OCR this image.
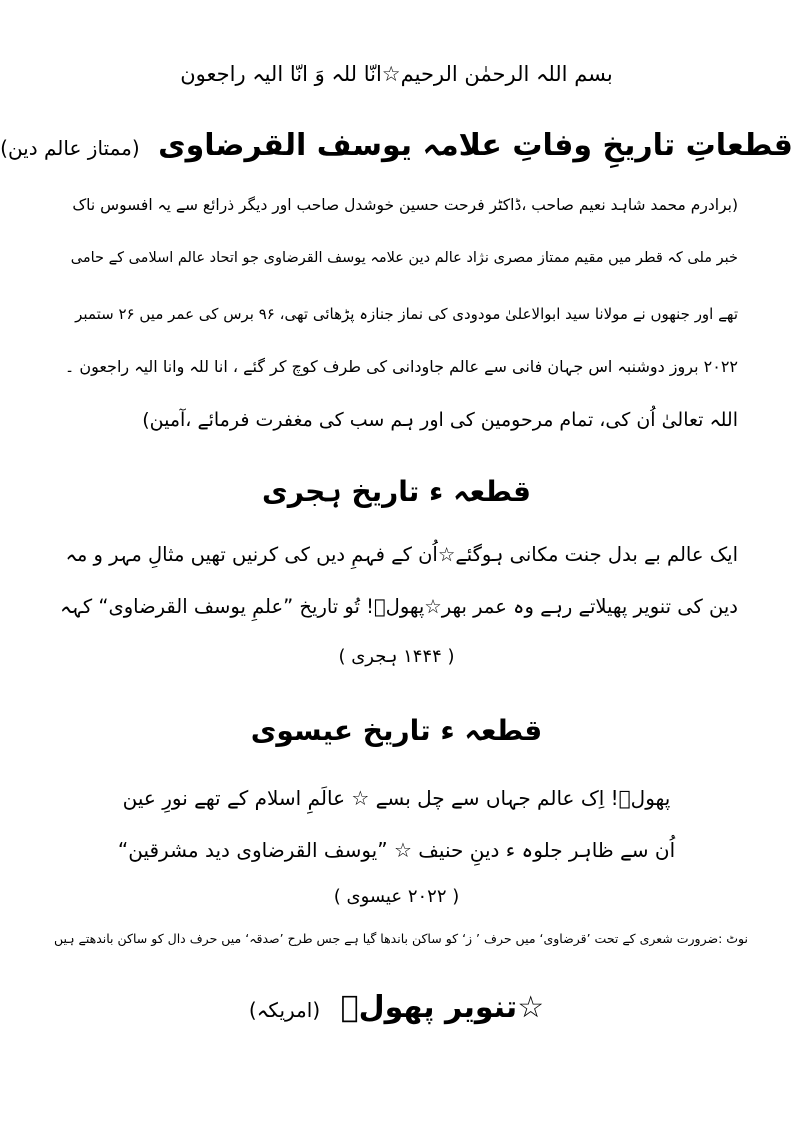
بسم اللہ الرحمٰن الرحیم☆انّا للہ وَ انّا الیہ راجعون
قطعاتِ تاریخِ وفاتِ علامہ یوسف القرضاوی (ممتاز عالم دین)
(برادرم محمد شاہد نعیم صاحب ،ڈاکٹر فرحت حسین خوشدل صاحب اور دیگر ذرائع سے یہ افسوس ناک
خبر ملی کہ قطر میں مقیم ممتاز مصری نژاد عالم دین علامہ یوسف القرضاوی جو اتحاد عالم اسلامی کے حامی
تھے اور جنھوں نے مولانا سید ابوالاعلیٰ مودودی کی نماز جنازہ پڑھائی تھی، ۹۶ برس کی عمر میں ۲۶ ستمبر
۲۰۲۲ بروز دوشنبہ اس جہان فانی سے عالم جاودانی کی طرف کوچ کر گئے ، انا للہ وانا الیہ راجعون ۔
اللہ تعالیٰ اُن کی، تمام مرحومین کی اور ہم سب کی مغفرت فرمائے ،آمین)
قطعہ ء تاریخ ہجری
ایک عالم بے بدل جنت مکانی ہوگئے☆اُن کے فہمِ دیں کی کرنیں تھیں مثالِ مہر و مہ
دین کی تنویر پھیلاتے رہے وہ عمر بھر☆پھولؔ! تُو تاریخ ”علمِ یوسف القرضاوی“ کہہ
( ۱۴۴۴ ہجری )
قطعہ ء تاریخ عیسوی
پھولؔ! اِک عالم جہاں سے چل بسے ☆ عالَمِ اسلام کے تھے نورِ عین
اُن سے ظاہر جلوہ ء دینِ حنیف ☆ ”یوسف القرضاوی دید مشرقین“
( ۲۰۲۲ عیسوی )
نوٹ :ضرورت شعری کے تحت ’قرضاوی‘ میں حرف ’ ز‘ کو ساکن باندھا گیا ہے جس طرح ’صدقہ‘ میں حرف دال کو ساکن باندھتے ہیں
☆تنویر پھولؔ (امریکہ)
